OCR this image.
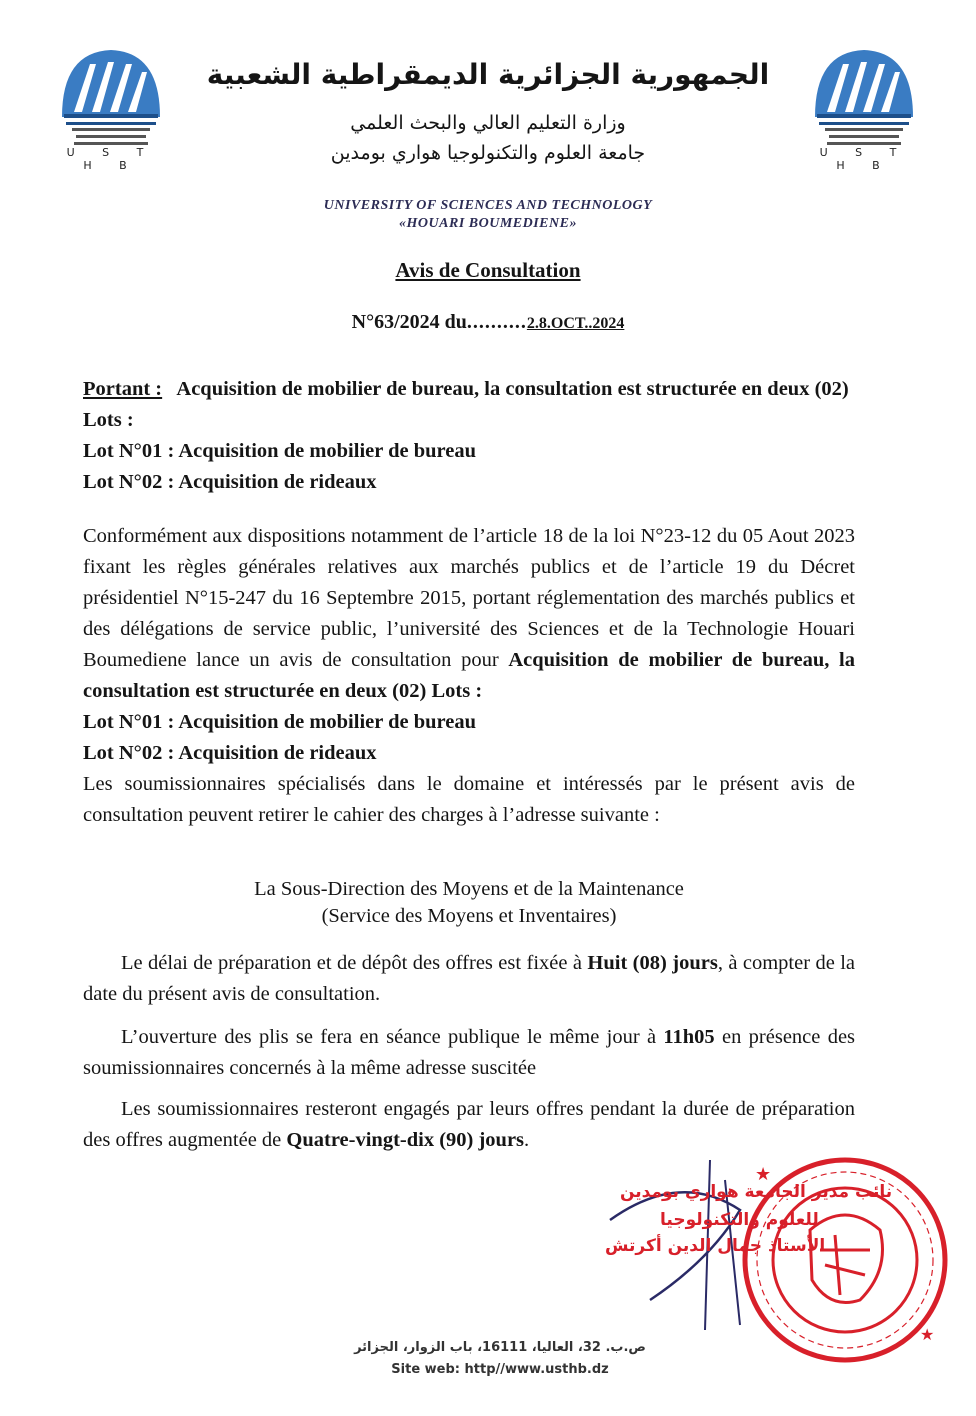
U S T H B
U S T H B
الجمهورية الجزائرية الديمقراطية الشعبية
وزارة التعليم العالي والبحث العلمي
جامعة العلوم والتكنولوجيا هواري بومدين
UNIVERSITY OF SCIENCES AND TECHNOLOGY
«HOUARI BOUMEDIENE»
Avis de Consultation
N°63/2024 du..........2.8.OCT..2024
Portant : Acquisition de mobilier de bureau, la consultation est structurée en deux (02) Lots :
Lot N°01 : Acquisition de mobilier de bureau
Lot N°02 : Acquisition de rideaux
Conformément aux dispositions notamment de l’article 18 de la loi N°23-12 du 05 Aout 2023 fixant les règles générales relatives aux marchés publics et de l’article 19 du Décret présidentiel N°15-247 du 16 Septembre 2015, portant réglementation des marchés publics et des délégations de service public, l’université des Sciences et de la Technologie Houari Boumediene lance un avis de consultation pour Acquisition de mobilier de bureau, la consultation est structurée en deux (02) Lots :
Lot N°01 : Acquisition de mobilier de bureau
Lot N°02 : Acquisition de rideaux
Les soumissionnaires spécialisés dans le domaine et intéressés par le présent avis de consultation peuvent retirer le cahier des charges à l’adresse suivante :
La Sous-Direction des Moyens et de la Maintenance
(Service des Moyens et Inventaires)
Le délai de préparation et de dépôt des offres est fixée à Huit (08) jours, à compter de la date du présent avis de consultation.
L’ouverture des plis se fera en séance publique le même jour à 11h05 en présence des soumissionnaires concernés à la même adresse suscitée
Les soumissionnaires resteront engagés par leurs offres pendant la durée de préparation des offres augmentée de Quatre-vingt-dix (90) jours.
★
★
نائب مدير الجامعة هواري بومدين
للعلوم والتكنولوجيا
الأستاذ جمال الدين أكرتش
ص.ب. 32، العاليا، 16111، باب الزوار، الجزائر
Site web: http//www.usthb.dz
